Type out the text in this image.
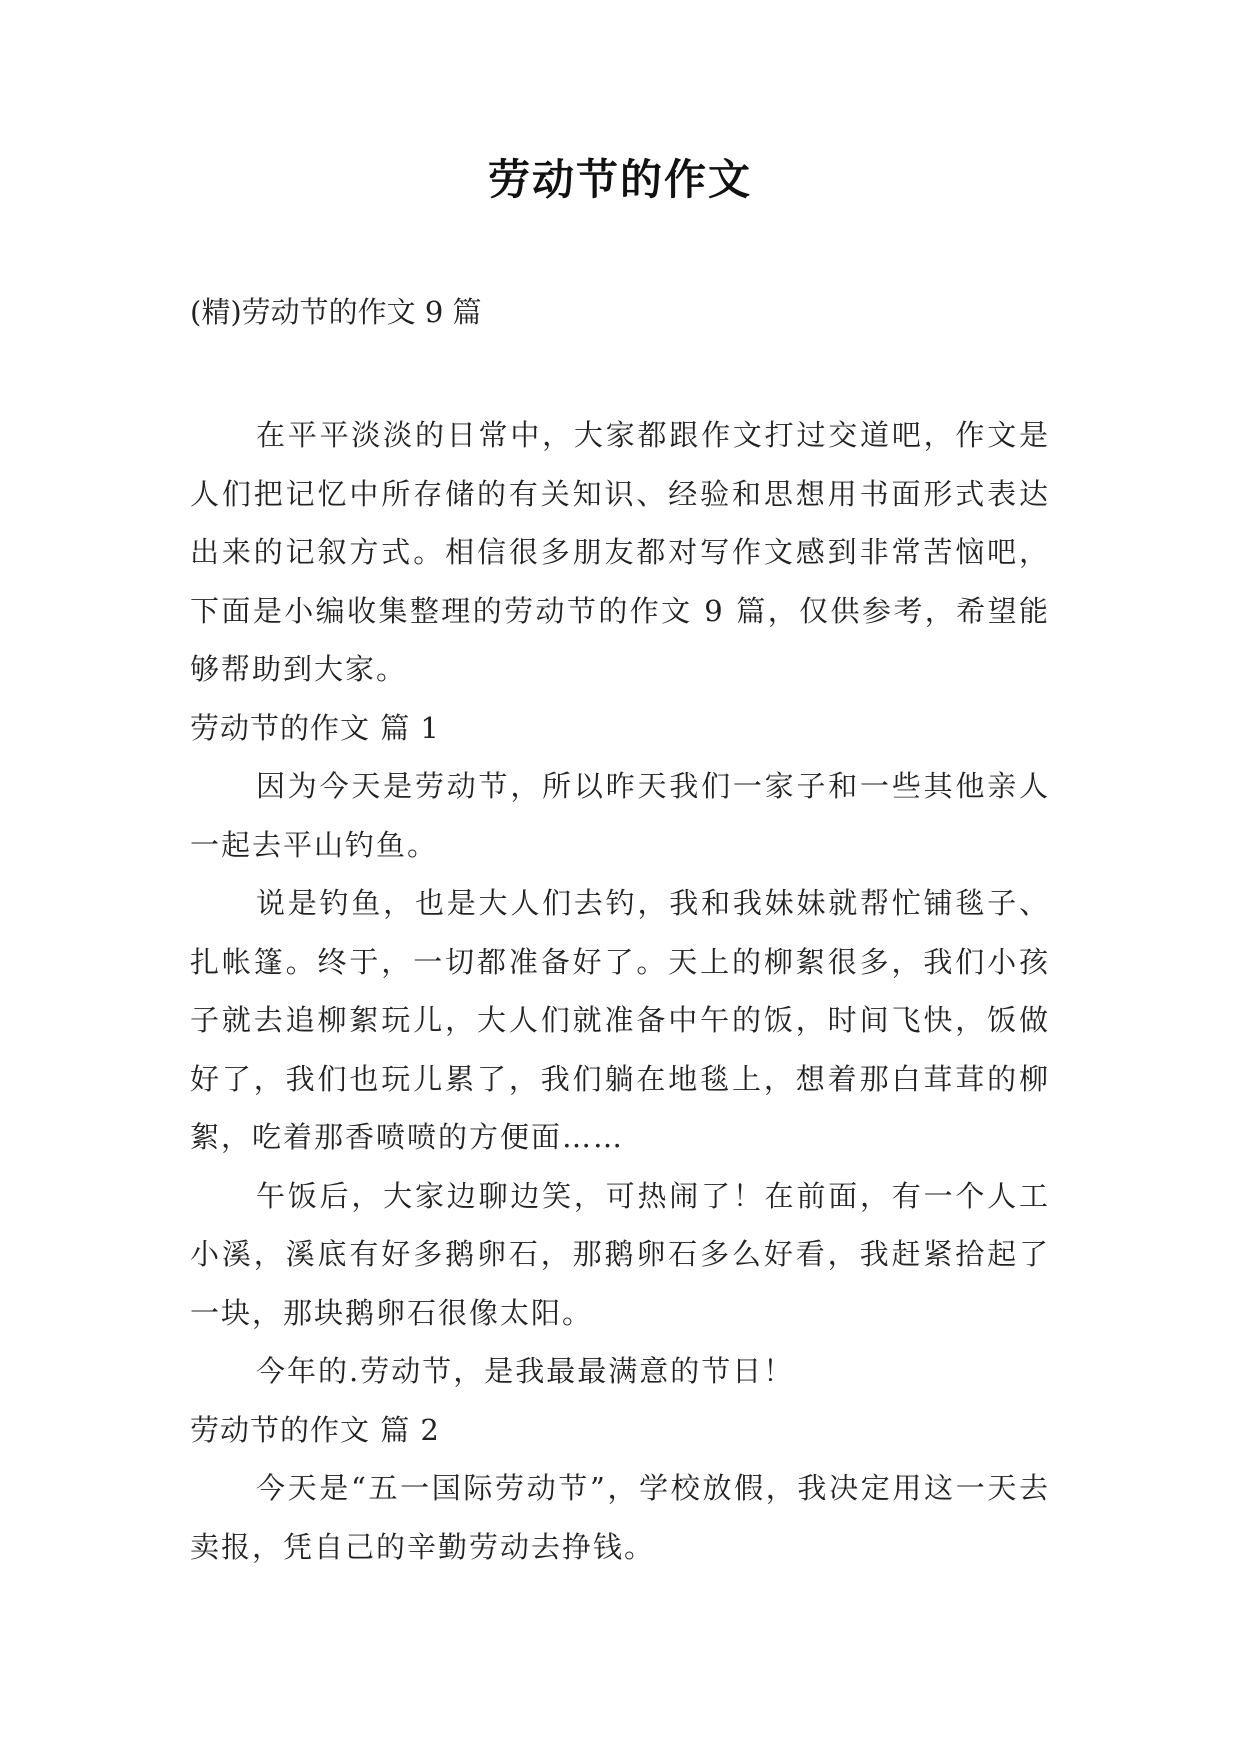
劳动节的作文

(精)劳动节的作文 9 篇

在平平淡淡的日常中，大家都跟作文打过交道吧，作文是人们把记忆中所存储的有关知识、经验和思想用书面形式表达出来的记叙方式。相信很多朋友都对写作文感到非常苦恼吧，下面是小编收集整理的劳动节的作文 9 篇，仅供参考，希望能够帮助到大家。

劳动节的作文 篇 1

因为今天是劳动节，所以昨天我们一家子和一些其他亲人一起去平山钓鱼。

说是钓鱼，也是大人们去钓，我和我妹妹就帮忙铺毯子、扎帐篷。终于，一切都准备好了。天上的柳絮很多，我们小孩子就去追柳絮玩儿，大人们就准备中午的饭，时间飞快，饭做好了，我们也玩儿累了，我们躺在地毯上，想着那白茸茸的柳絮，吃着那香喷喷的方便面……

午饭后，大家边聊边笑，可热闹了！在前面，有一个人工小溪，溪底有好多鹅卵石，那鹅卵石多么好看，我赶紧拾起了一块，那块鹅卵石很像太阳。

今年的.劳动节，是我最最满意的节日！

劳动节的作文 篇 2

今天是“五一国际劳动节”，学校放假，我决定用这一天去卖报，凭自己的辛勤劳动去挣钱。
